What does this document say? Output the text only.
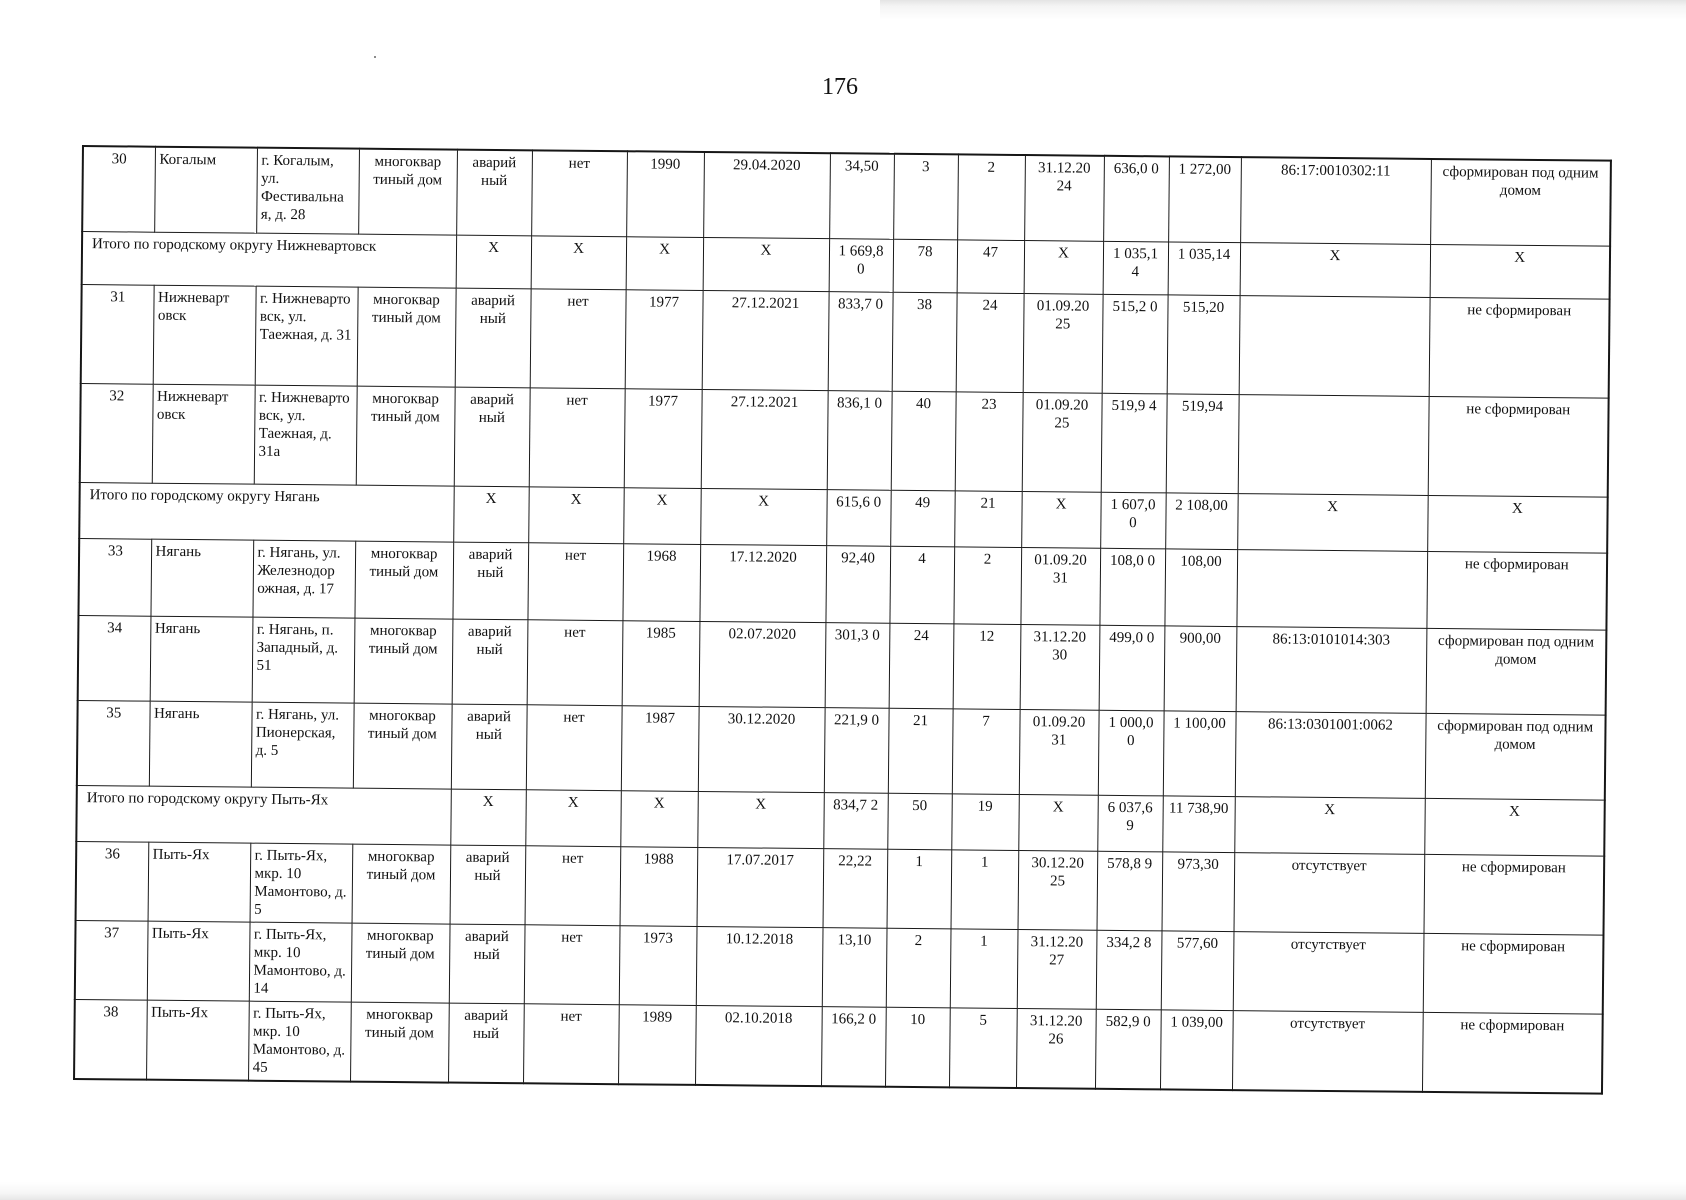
176
30	Когалым	г. Когалым, ул. Фестивальна я, д. 28	многоквар тиный дом	аварий ный	нет	1990	29.04.2020	34,50	3	2	31.12.20 24	636,0 0	1 272,00	86:17:0010302:11	сформирован под одним домом
Итого по городскому округу Нижневартовск				X	X	X	X	1 669,8 0	78	47	X	1 035,1 4	1 035,14	X	X
31	Нижневарт овск	г. Нижневарто вск, ул. Таежная, д. 31	многоквар тиный дом	аварий ный	нет	1977	27.12.2021	833,7 0	38	24	01.09.20 25	515,2 0	515,20		не сформирован
32	Нижневарт овск	г. Нижневарто вск, ул. Таежная, д. 31а	многоквар тиный дом	аварий ный	нет	1977	27.12.2021	836,1 0	40	23	01.09.20 25	519,9 4	519,94		не сформирован
Итого по городскому округу Нягань				X	X	X	X	615,6 0	49	21	X	1 607,0 0	2 108,00	X	X
33	Нягань	г. Нягань, ул. Железнодор ожная, д. 17	многоквар тиный дом	аварий ный	нет	1968	17.12.2020	92,40	4	2	01.09.20 31	108,0 0	108,00		не сформирован
34	Нягань	г. Нягань, п. Западный, д. 51	многоквар тиный дом	аварий ный	нет	1985	02.07.2020	301,3 0	24	12	31.12.20 30	499,0 0	900,00	86:13:0101014:303	сформирован под одним домом
35	Нягань	г. Нягань, ул. Пионерская, д. 5	многоквар тиный дом	аварий ный	нет	1987	30.12.2020	221,9 0	21	7	01.09.20 31	1 000,0 0	1 100,00	86:13:0301001:0062	сформирован под одним домом
Итого по городскому округу Пыть-Ях				X	X	X	X	834,7 2	50	19	X	6 037,6 9	11 738,90	X	X
36	Пыть-Ях	г. Пыть-Ях, мкр. 10 Мамонтово, д. 5	многоквар тиный дом	аварий ный	нет	1988	17.07.2017	22,22	1	1	30.12.20 25	578,8 9	973,30	отсутствует	не сформирован
37	Пыть-Ях	г. Пыть-Ях, мкр. 10 Мамонтово, д. 14	многоквар тиный дом	аварий ный	нет	1973	10.12.2018	13,10	2	1	31.12.20 27	334,2 8	577,60	отсутствует	не сформирован
38	Пыть-Ях	г. Пыть-Ях, мкр. 10 Мамонтово, д. 45	многоквар тиный дом	аварий ный	нет	1989	02.10.2018	166,2 0	10	5	31.12.20 26	582,9 0	1 039,00	отсутствует	не сформирован
